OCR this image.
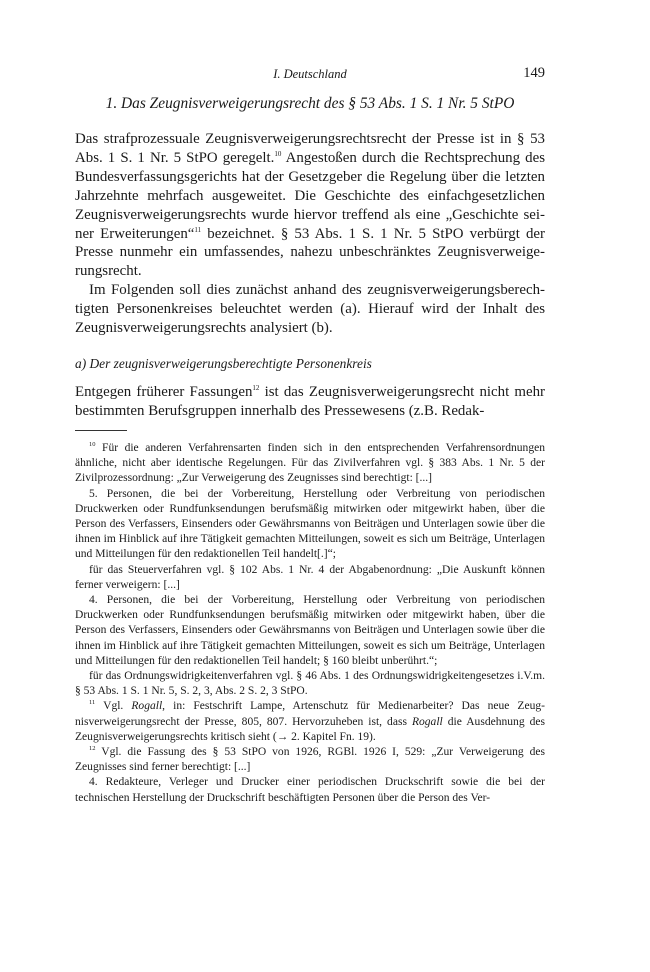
I. Deutschland	149
1. Das Zeugnisverweigerungsrecht des § 53 Abs. 1 S. 1 Nr. 5 StPO

Das strafprozessuale Zeugnisverweigerungsrechtsrecht der Presse ist in § 53 Abs. 1 S. 1 Nr. 5 StPO geregelt.$^{10}$ Angestoßen durch die Rechtsprechung des Bundesverfassungsgerichts hat der Gesetzgeber die Regelung über die letzten Jahrzehnte mehrfach ausgeweitet. Die Geschichte des einfachgesetzlichen Zeugnisverweigerungsrechts wurde hiervor treffend als eine „Geschichte seiner Erweiterungen“$^{11}$ bezeichnet. § 53 Abs. 1 S. 1 Nr. 5 StPO verbürgt der Presse nunmehr ein umfassendes, nahezu unbeschränktes Zeugnisverweigerungsrecht.

Im Folgenden soll dies zunächst anhand des zeugnisverweigerungsberechtigten Personenkreises beleuchtet werden (a). Hierauf wird der Inhalt des Zeugnisverweigerungsrechts analysiert (b).

a) Der zeugnisverweigerungsberechtigte Personenkreis

Entgegen früherer Fassungen$^{12}$ ist das Zeugnisverweigerungsrecht nicht mehr bestimmten Berufsgruppen innerhalb des Pressewesens (z.B. Redak-

$^{10}$ Für die anderen Verfahrensarten finden sich in den entsprechenden Verfahrensordnungen ähnliche, nicht aber identische Regelungen. Für das Zivilverfahren vgl. § 383 Abs. 1 Nr. 5 der Zivilprozessordnung: „Zur Verweigerung des Zeugnisses sind berechtigt: [...]

5. Personen, die bei der Vorbereitung, Herstellung oder Verbreitung von periodischen Druckwerken oder Rundfunksendungen berufsmäßig mitwirken oder mitgewirkt haben, über die Person des Verfassers, Einsenders oder Gewährsmanns von Beiträgen und Unterlagen sowie über die ihnen im Hinblick auf ihre Tätigkeit gemachten Mitteilungen, soweit es sich um Beiträge, Unterlagen und Mitteilungen für den redaktionellen Teil handelt[.]“;

für das Steuerverfahren vgl. § 102 Abs. 1 Nr. 4 der Abgabenordnung: „Die Auskunft können ferner verweigern: [...]

4. Personen, die bei der Vorbereitung, Herstellung oder Verbreitung von periodischen Druckwerken oder Rundfunksendungen berufsmäßig mitwirken oder mitgewirkt haben, über die Person des Verfassers, Einsenders oder Gewährsmanns von Beiträgen und Unterlagen sowie über die ihnen im Hinblick auf ihre Tätigkeit gemachten Mitteilungen, soweit es sich um Beiträge, Unterlagen und Mitteilungen für den redaktionellen Teil handelt; § 160 bleibt unberührt.“;

für das Ordnungswidrigkeitenverfahren vgl. § 46 Abs. 1 des Ordnungswidrigkeitengesetzes i.V.m. § 53 Abs. 1 S. 1 Nr. 5, S. 2, 3, Abs. 2 S. 2, 3 StPO.

$^{11}$ Vgl. Rogall, in: Festschrift Lampe, Artenschutz für Medienarbeiter? Das neue Zeugnisverweigerungsrecht der Presse, 805, 807. Hervorzuheben ist, dass Rogall die Ausdehnung des Zeugnisverweigerungsrechts kritisch sieht (→ 2. Kapitel Fn. 19).

$^{12}$ Vgl. die Fassung des § 53 StPO von 1926, RGBl. 1926 I, 529: „Zur Verweigerung des Zeugnisses sind ferner berechtigt: [...]

4. Redakteure, Verleger und Drucker einer periodischen Druckschrift sowie die bei der technischen Herstellung der Druckschrift beschäftigten Personen über die Person des Ver-
